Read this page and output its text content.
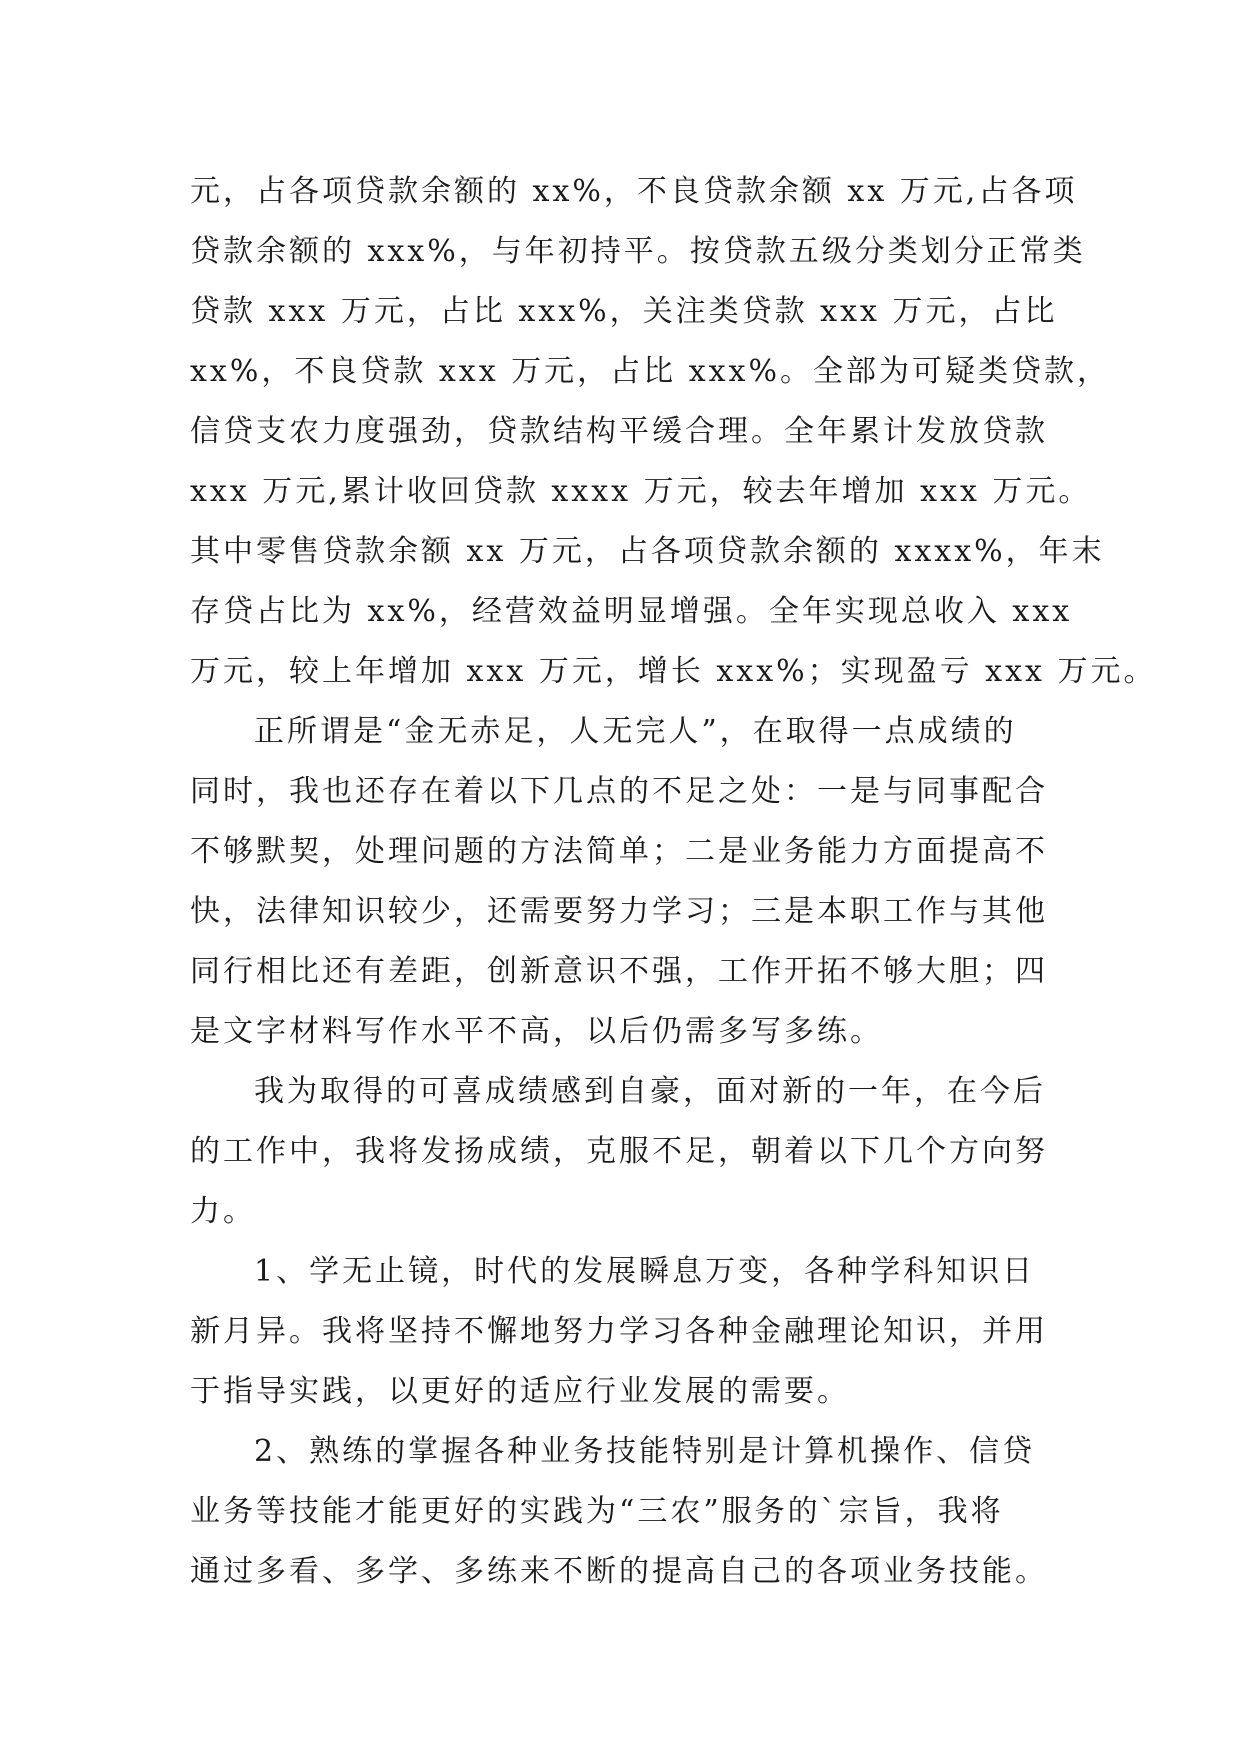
元，占各项贷款余额的 xx%，不良贷款余额 xx 万元,占各项
贷款余额的 xxx%，与年初持平。按贷款五级分类划分正常类
贷款 xxx 万元，占比 xxx%，关注类贷款 xxx 万元，占比
xx%，不良贷款 xxx 万元，占比 xxx%。全部为可疑类贷款，
信贷支农力度强劲，贷款结构平缓合理。全年累计发放贷款
xxx 万元,累计收回贷款 xxxx 万元，较去年增加 xxx 万元。
其中零售贷款余额 xx 万元，占各项贷款余额的 xxxx%，年末
存贷占比为 xx%，经营效益明显增强。全年实现总收入 xxx
万元，较上年增加 xxx 万元，增长 xxx%；实现盈亏 xxx 万元。
正所谓是“金无赤足，人无完人”，在取得一点成绩的
同时，我也还存在着以下几点的不足之处：一是与同事配合
不够默契，处理问题的方法简单；二是业务能力方面提高不
快，法律知识较少，还需要努力学习；三是本职工作与其他
同行相比还有差距，创新意识不强，工作开拓不够大胆；四
是文字材料写作水平不高，以后仍需多写多练。
我为取得的可喜成绩感到自豪，面对新的一年，在今后
的工作中，我将发扬成绩，克服不足，朝着以下几个方向努
力。
1、学无止镜，时代的发展瞬息万变，各种学科知识日
新月异。我将坚持不懈地努力学习各种金融理论知识，并用
于指导实践，以更好的适应行业发展的需要。
2、熟练的掌握各种业务技能特别是计算机操作、信贷
业务等技能才能更好的实践为“三农”服务的`宗旨，我将
通过多看、多学、多练来不断的提高自己的各项业务技能。
